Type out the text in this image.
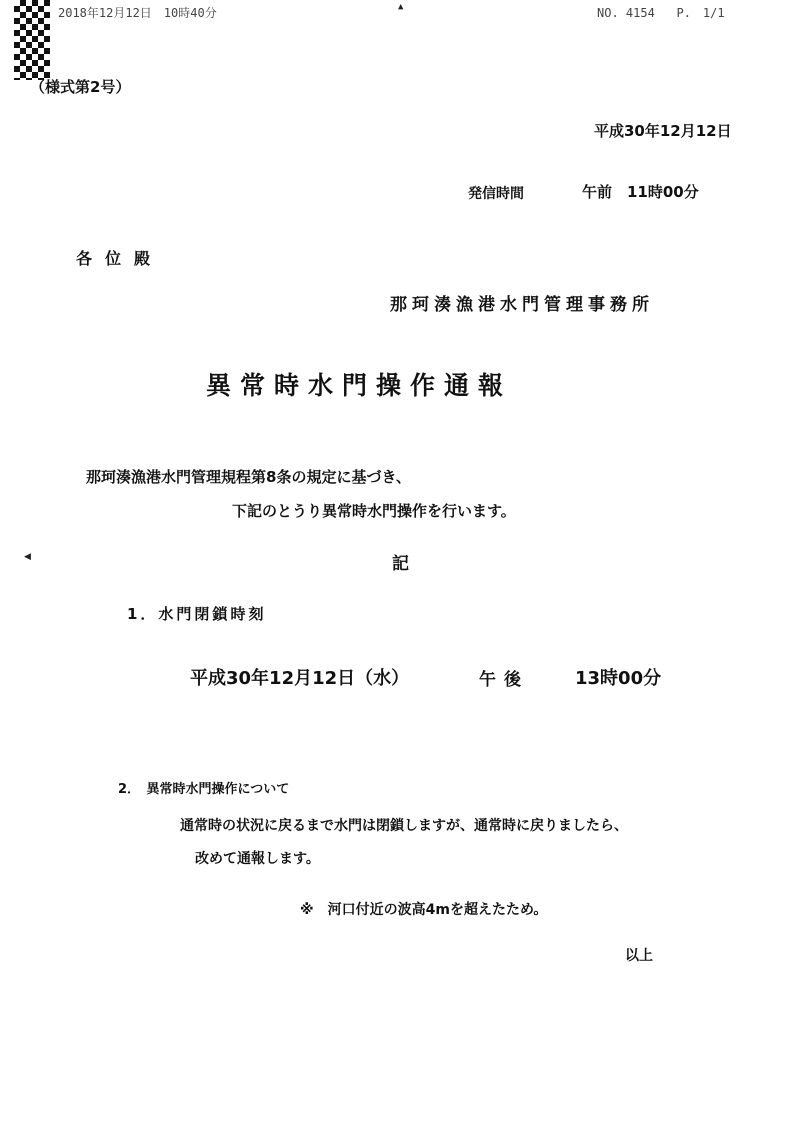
2018年12月12日　10時40分	▲	NO. 4154 P.　1/1
（様式第2号）
平成30年12月12日
発信時間	午前　11時00分
各位殿
那珂湊漁港水門管理事務所
異常時水門操作通報
那珂湊漁港水門管理規程第8条の規定に基づき、
下記のとうり異常時水門操作を行います。
◀	記
1．水門閉鎖時刻
平成30年12月12日（水）	午後	13時00分
2．　異常時水門操作について
通常時の状況に戻るまで水門は閉鎖しますが、通常時に戻りましたら、
改めて通報します。
※　河口付近の波高4mを超えたため。
以上
